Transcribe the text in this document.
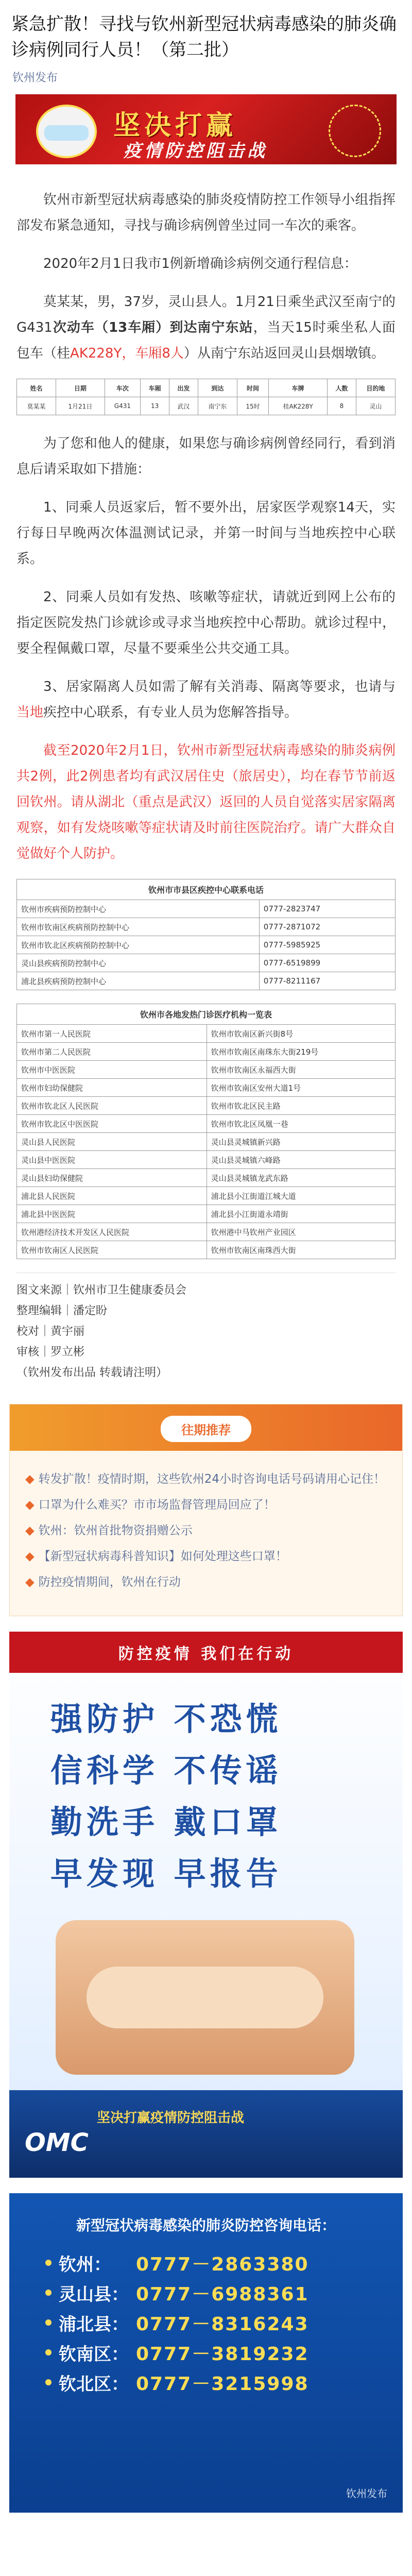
紧急扩散！寻找与钦州新型冠状病毒感染的肺炎确诊病例同行人员！（第二批）
钦州发布
坚决打赢
疫情防控阻击战

钦州市新型冠状病毒感染的肺炎疫情防控工作领导小组指挥部发布紧急通知，寻找与确诊病例曾坐过同一车次的乘客。

2020年2月1日我市1例新增确诊病例交通行程信息：

莫某某，男，37岁，灵山县人。1月21日乘坐武汉至南宁的G431次动车（13车厢）到达南宁东站，当天15时乘坐私人面包车（桂AK228Y，车厢8人）从南宁东站返回灵山县烟墩镇。

姓名	日期	车次	车厢	出发	到达	时间	车牌	人数	目的地
莫某某	1月21日	G431	13	武汉	南宁东	15时	桂AK228Y	8	灵山

为了您和他人的健康，如果您与确诊病例曾经同行，看到消息后请采取如下措施：

1、同乘人员返家后，暂不要外出，居家医学观察14天，实行每日早晚两次体温测试记录，并第一时间与当地疾控中心联系。

2、同乘人员如有发热、咳嗽等症状，请就近到网上公布的指定医院发热门诊就诊或寻求当地疾控中心帮助。就诊过程中，要全程佩戴口罩，尽量不要乘坐公共交通工具。

3、居家隔离人员如需了解有关消毒、隔离等要求，也请与当地疾控中心联系，有专业人员为您解答指导。

截至2020年2月1日，钦州市新型冠状病毒感染的肺炎病例共2例，此2例患者均有武汉居住史（旅居史），均在春节节前返回钦州。请从湖北（重点是武汉）返回的人员自觉落实居家隔离观察，如有发烧咳嗽等症状请及时前往医院治疗。请广大群众自觉做好个人防护。

钦州市市县区疾控中心联系电话
钦州市疾病预防控制中心	0777-2823747
钦州市钦南区疾病预防控制中心	0777-2871072
钦州市钦北区疾病预防控制中心	0777-5985925
灵山县疾病预防控制中心	0777-6519899
浦北县疾病预防控制中心	0777-8211167
钦州市各地发热门诊医疗机构一览表
钦州市第一人民医院	钦州市钦南区新兴街8号
钦州市第二人民医院	钦州市钦南区南珠东大街219号
钦州市中医医院	钦州市钦南区永福西大街
钦州市妇幼保健院	钦州市钦南区安州大道1号
钦州市钦北区人民医院	钦州市钦北区民主路
钦州市钦北区中医医院	钦州市钦北区凤凰一巷
灵山县人民医院	灵山县灵城镇新兴路
灵山县中医医院	灵山县灵城镇六峰路
灵山县妇幼保健院	灵山县灵城镇龙武东路
浦北县人民医院	浦北县小江街道江城大道
浦北县中医医院	浦北县小江街道永靖街
钦州港经济技术开发区人民医院	钦州港中马钦州产业园区
钦州市钦南区人民医院	钦州市钦南区南珠西大街
图文来源｜钦州市卫生健康委员会
整理编辑｜潘定盼
校对｜黄宇丽
审核｜罗立彬
（钦州发布出品 转载请注明）
往期推荐
◆ 转发扩散！疫情时期，这些钦州24小时咨询电话号码请用心记住！
◆ 口罩为什么难买？市市场监督管理局回应了！
◆ 钦州：钦州首批物资捐赠公示
◆ 【新型冠状病毒科普知识】如何处理这些口罩！
◆ 防控疫情期间，钦州在行动
防控疫情 我们在行动
强防护 不恐慌
信科学 不传谣
勤洗手 戴口罩
早发现 早报告
坚决打赢疫情防控阻击战
OMC
新型冠状病毒感染的肺炎防控咨询电话：
钦州：	0777－2863380
灵山县： 0777－6988361
浦北县： 0777－8316243
钦南区： 0777－3819232
钦北区： 0777－3215998
钦州发布
